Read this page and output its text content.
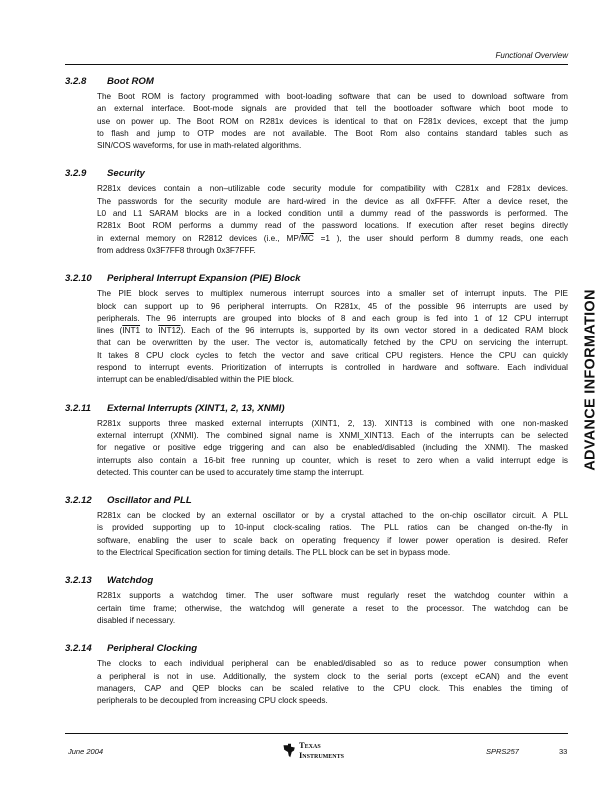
Functional Overview
3.2.8 Boot ROM
The Boot ROM is factory programmed with boot-loading software that can be used to download software from
an external interface. Boot-mode signals are provided that tell the bootloader software which boot mode to
use on power up. The Boot ROM on R281x devices is identical to that on F281x devices, except that the jump
to flash and jump to OTP modes are not available. The Boot Rom also contains standard tables such as
SIN/COS waveforms, for use in math-related algorithms.
3.2.9 Security
R281x devices contain a non–utilizable code security module for compatibility with C281x and F281x devices.
The passwords for the security module are hard-wired in the device as all 0xFFFF. After a device reset, the
L0 and L1 SARAM blocks are in a locked condition until a dummy read of the passwords is performed. The
R281x Boot ROM performs a dummy read of the password locations. If execution after reset begins directly
in external memory on R2812 devices (i.e., $MP/\overline{MC} =1$ ), the user should perform 8 dummy reads, one each
from address 0x3F7FF8 through 0x3F7FFF.
3.2.10 Peripheral Interrupt Expansion (PIE) Block
The PIE block serves to multiplex numerous interrupt sources into a smaller set of interrupt inputs. The PIE
block can support up to 96 peripheral interrupts. On R281x, 45 of the possible 96 interrupts are used by
peripherals. The 96 interrupts are grouped into blocks of 8 and each group is fed into 1 of 12 CPU interrupt
lines (INT1 to INT12). Each of the 96 interrupts is, supported by its own vector stored in a dedicated RAM block
that can be overwritten by the user. The vector is, automatically fetched by the CPU on servicing the interrupt.
It takes 8 CPU clock cycles to fetch the vector and save critical CPU registers. Hence the CPU can quickly
respond to interrupt events. Prioritization of interrupts is controlled in hardware and software. Each individual
interrupt can be enabled/disabled within the PIE block.
3.2.11 External Interrupts (XINT1, 2, 13, XNMI)
R281x supports three masked external interrupts (XINT1, 2, 13). XINT13 is combined with one non-masked
external interrupt (XNMI). The combined signal name is XNMI_XINT13. Each of the interrupts can be selected
for negative or positive edge triggering and can also be enabled/disabled (including the XNMI). The masked
interrupts also contain a 16-bit free running up counter, which is reset to zero when a valid interrupt edge is
detected. This counter can be used to accurately time stamp the interrupt.
3.2.12 Oscillator and PLL
R281x can be clocked by an external oscillator or by a crystal attached to the on-chip oscillator circuit. A PLL
is provided supporting up to 10-input clock-scaling ratios. The PLL ratios can be changed on-the-fly in
software, enabling the user to scale back on operating frequency if lower power operation is desired. Refer
to the Electrical Specification section for timing details. The PLL block can be set in bypass mode.
3.2.13 Watchdog
R281x supports a watchdog timer. The user software must regularly reset the watchdog counter within a
certain time frame; otherwise, the watchdog will generate a reset to the processor. The watchdog can be
disabled if necessary.
3.2.14 Peripheral Clocking
The clocks to each individual peripheral can be enabled/disabled so as to reduce power consumption when
a peripheral is not in use. Additionally, the system clock to the serial ports (except eCAN) and the event
managers, CAP and QEP blocks can be scaled relative to the CPU clock. This enables the timing of
peripherals to be decoupled from increasing CPU clock speeds.
ADVANCE INFORMATION
June 2004
Texas
Instruments	SPRS257	33
